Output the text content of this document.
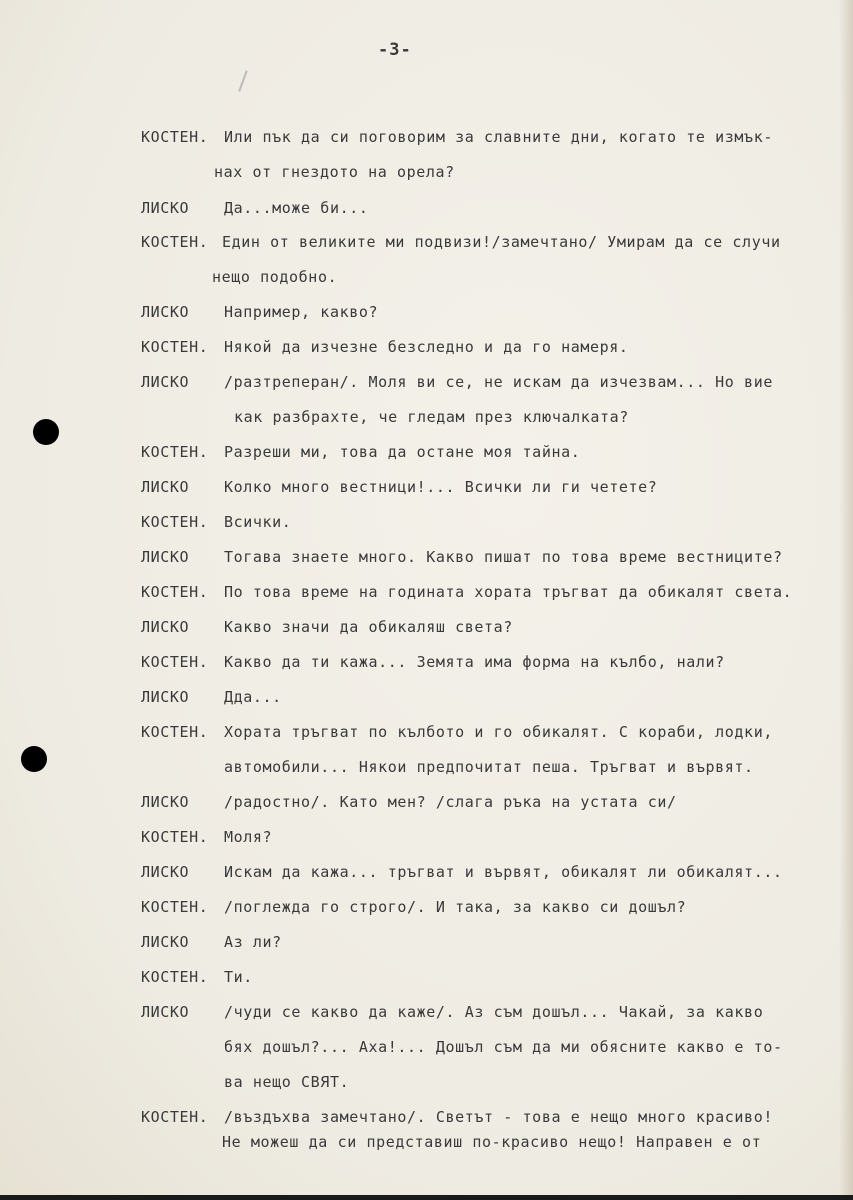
-3-
КОСТЕН. Или пък да си поговорим за славните дни, когато те измък-
нах от гнездото на орела?
ЛИСКО Да...може би...
КОСТЕН. Един от великите ми подвизи!/замечтано/ Умирам да се случи
нещо подобно.
ЛИСКО Например, какво?
КОСТЕН. Някой да изчезне безследно и да го намеря.
ЛИСКО /разтреперан/. Моля ви се, не искам да изчезвам... Но вие
как разбрахте, че гледам през ключалката?
КОСТЕН. Разреши ми, това да остане моя тайна.
ЛИСКО Колко много вестници!... Всички ли ги четете?
КОСТЕН. Всички.
ЛИСКО Тогава знаете много. Какво пишат по това време вестниците?
КОСТЕН. По това време на годината хората тръгват да обикалят света.
ЛИСКО Какво значи да обикаляш света?
КОСТЕН. Какво да ти кажа... Земята има форма на кълбо, нали?
ЛИСКО Дда...
КОСТЕН. Хората тръгват по кълбото и го обикалят. С кораби, лодки,
автомобили... Някои предпочитат пеша. Тръгват и вървят.
ЛИСКО /радостно/. Като мен? /слага ръка на устата си/
КОСТЕН. Моля?
ЛИСКО Искам да кажа... тръгват и вървят, обикалят ли обикалят...
КОСТЕН. /поглежда го строго/. И така, за какво си дошъл?
ЛИСКО Аз ли?
КОСТЕН. Ти.
ЛИСКО /чуди се какво да каже/. Аз съм дошъл... Чакай, за какво
бях дошъл?... Аха!... Дошъл съм да ми обясните какво е то-
ва нещо СВЯТ.
КОСТЕН. /въздъхва замечтано/. Светът - това е нещо много красиво!
Не можеш да си представиш по-красиво нещо! Направен е от
